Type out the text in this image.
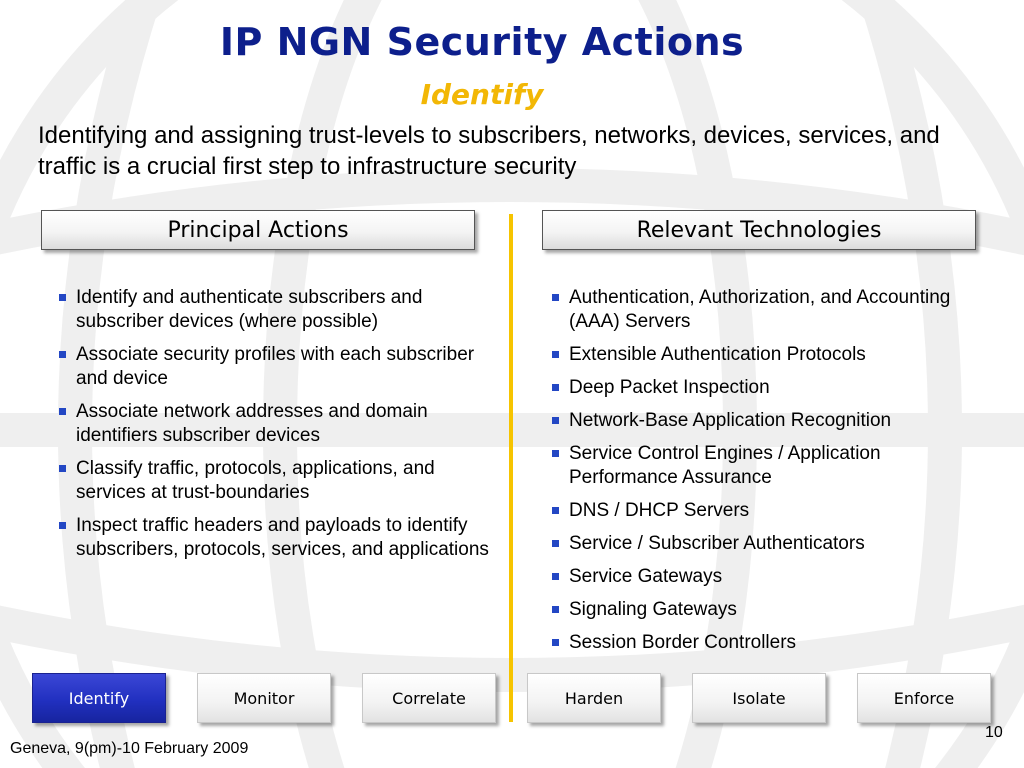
IP NGN Security Actions
Identify
Identifying and assigning trust-levels to subscribers, networks, devices, services, and traffic is a crucial first step to infrastructure security
Principal Actions	Relevant Technologies
Identify and authenticate subscribers and subscriber devices (where possible)
Associate security profiles with each subscriber and device
Associate network addresses and domain identifiers subscriber devices
Classify traffic, protocols, applications, and services at trust-boundaries
Inspect traffic headers and payloads to identify subscribers, protocols, services, and applications
Authentication, Authorization, and Accounting (AAA) Servers
Extensible Authentication Protocols
Deep Packet Inspection
Network-Base Application Recognition
Service Control Engines / Application Performance Assurance
DNS / DHCP Servers
Service / Subscriber Authenticators
Service Gateways
Signaling Gateways
Session Border Controllers
Identify	Monitor	Correlate	Harden	Isolate	Enforce
Geneva, 9(pm)-10 February 2009
10
